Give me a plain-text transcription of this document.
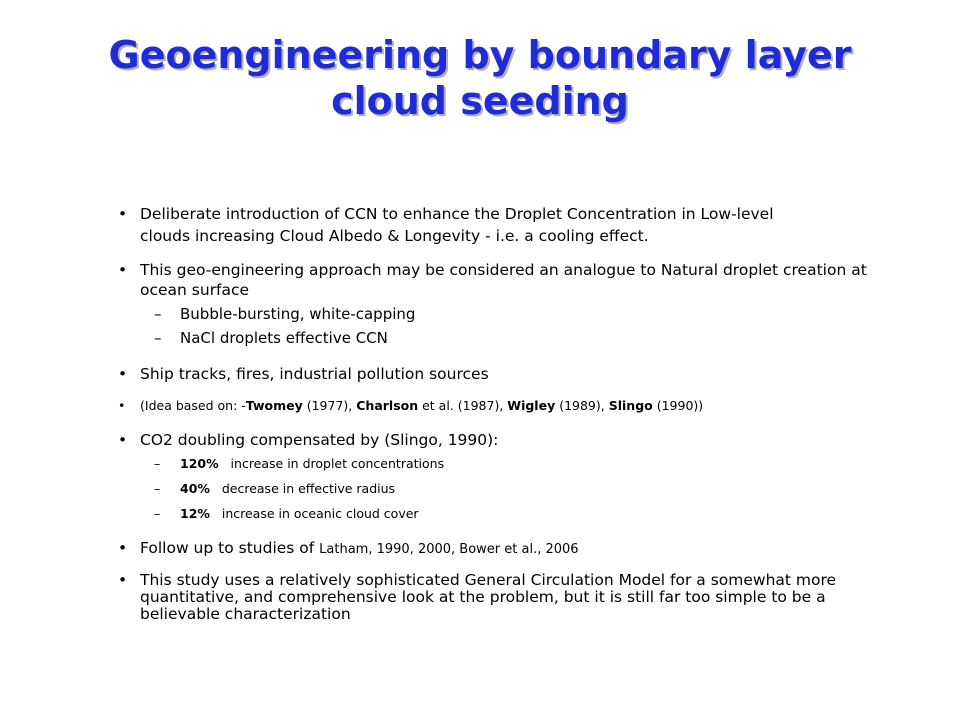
Geoengineering by boundary layer
cloud seeding
• Deliberate introduction of CCN to enhance the Droplet Concentration in Low-level
clouds increasing Cloud Albedo & Longevity - i.e. a cooling effect.
• This geo-engineering approach may be considered an analogue to Natural droplet creation at ocean surface
– Bubble-bursting, white-capping
– NaCl droplets effective CCN
• Ship tracks, fires, industrial pollution sources
• (Idea based on: -Twomey (1977), Charlson et al. (1987), Wigley (1989), Slingo (1990))
• CO2 doubling compensated by (Slingo, 1990):
– 120%   increase in droplet concentrations
– 40%   decrease in effective radius
– 12%   increase in oceanic cloud cover
• Follow up to studies of Latham, 1990, 2000, Bower et al., 2006
• This study uses a relatively sophisticated General Circulation Model for a somewhat more quantitative, and comprehensive look at the problem, but it is still far too simple to be a believable characterization
